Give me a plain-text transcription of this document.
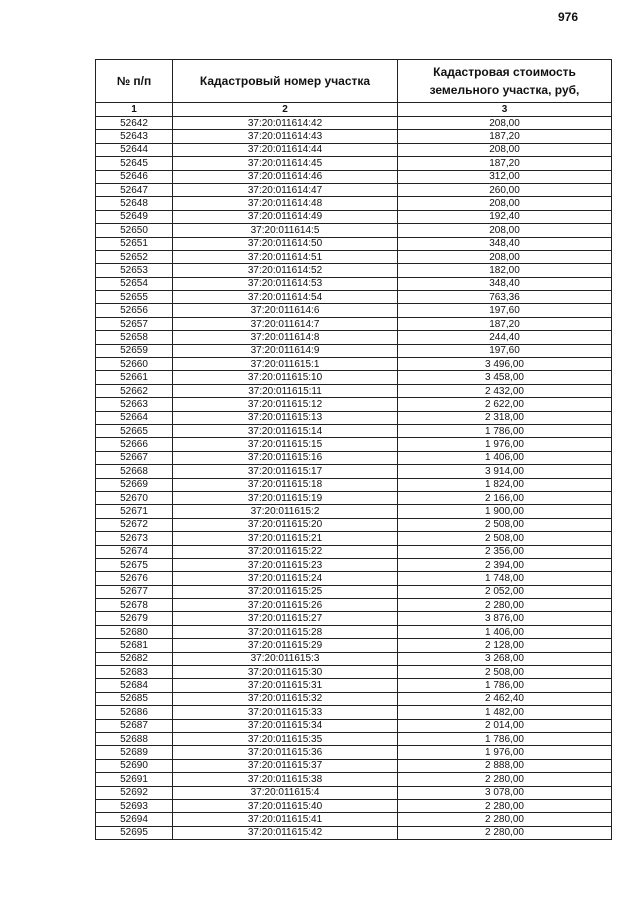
976
№ п/п	Кадастровый номер участка	Кадастровая стоимость земельного участка, руб,
1	2	3
52642	37:20:011614:42	208,00
52643	37:20:011614:43	187,20
52644	37:20:011614:44	208,00
52645	37:20:011614:45	187,20
52646	37:20:011614:46	312,00
52647	37:20:011614:47	260,00
52648	37:20:011614:48	208,00
52649	37:20:011614:49	192,40
52650	37:20:011614:5	208,00
52651	37:20:011614:50	348,40
52652	37:20:011614:51	208,00
52653	37:20:011614:52	182,00
52654	37:20:011614:53	348,40
52655	37:20:011614:54	763,36
52656	37:20:011614:6	197,60
52657	37:20:011614:7	187,20
52658	37:20:011614:8	244,40
52659	37:20:011614:9	197,60
52660	37:20:011615:1	3 496,00
52661	37:20:011615:10	3 458,00
52662	37:20:011615:11	2 432,00
52663	37:20:011615:12	2 622,00
52664	37:20:011615:13	2 318,00
52665	37:20:011615:14	1 786,00
52666	37:20:011615:15	1 976,00
52667	37:20:011615:16	1 406,00
52668	37:20:011615:17	3 914,00
52669	37:20:011615:18	1 824,00
52670	37:20:011615:19	2 166,00
52671	37:20:011615:2	1 900,00
52672	37:20:011615:20	2 508,00
52673	37:20:011615:21	2 508,00
52674	37:20:011615:22	2 356,00
52675	37:20:011615:23	2 394,00
52676	37:20:011615:24	1 748,00
52677	37:20:011615:25	2 052,00
52678	37:20:011615:26	2 280,00
52679	37:20:011615:27	3 876,00
52680	37:20:011615:28	1 406,00
52681	37:20:011615:29	2 128,00
52682	37:20:011615:3	3 268,00
52683	37:20:011615:30	2 508,00
52684	37:20:011615:31	1 786,00
52685	37:20:011615:32	2 462,40
52686	37:20:011615:33	1 482,00
52687	37:20:011615:34	2 014,00
52688	37:20:011615:35	1 786,00
52689	37:20:011615:36	1 976,00
52690	37:20:011615:37	2 888,00
52691	37:20:011615:38	2 280,00
52692	37:20:011615:4	3 078,00
52693	37:20:011615:40	2 280,00
52694	37:20:011615:41	2 280,00
52695	37:20:011615:42	2 280,00
